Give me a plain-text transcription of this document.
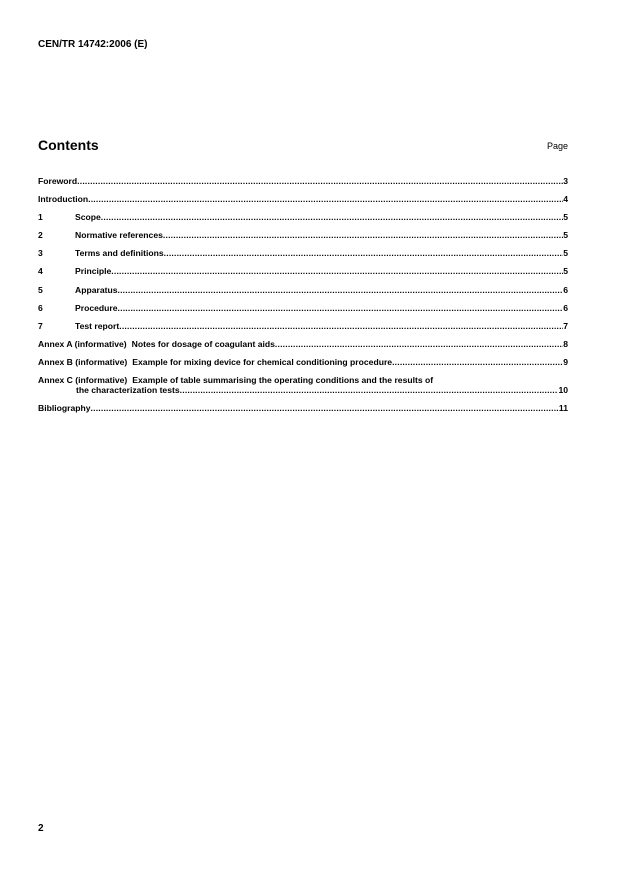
CEN/TR 14742:2006 (E)
Contents	Page
Foreword .....	3
Introduction .....	4
1	Scope .....	5
2	Normative references .....	5
3	Terms and definitions .....	5
4	Principle .....	5
5	Apparatus .....	6
6	Procedure .....	6
7	Test report .....	7
Annex A (informative) Notes for dosage of coagulant aids .....	8
Annex B (informative) Example for mixing device for chemical conditioning procedure .....	9
Annex C (informative) Example of table summarising the operating conditions and the results of
the characterization tests .....	10
Bibliography .....	11
2
